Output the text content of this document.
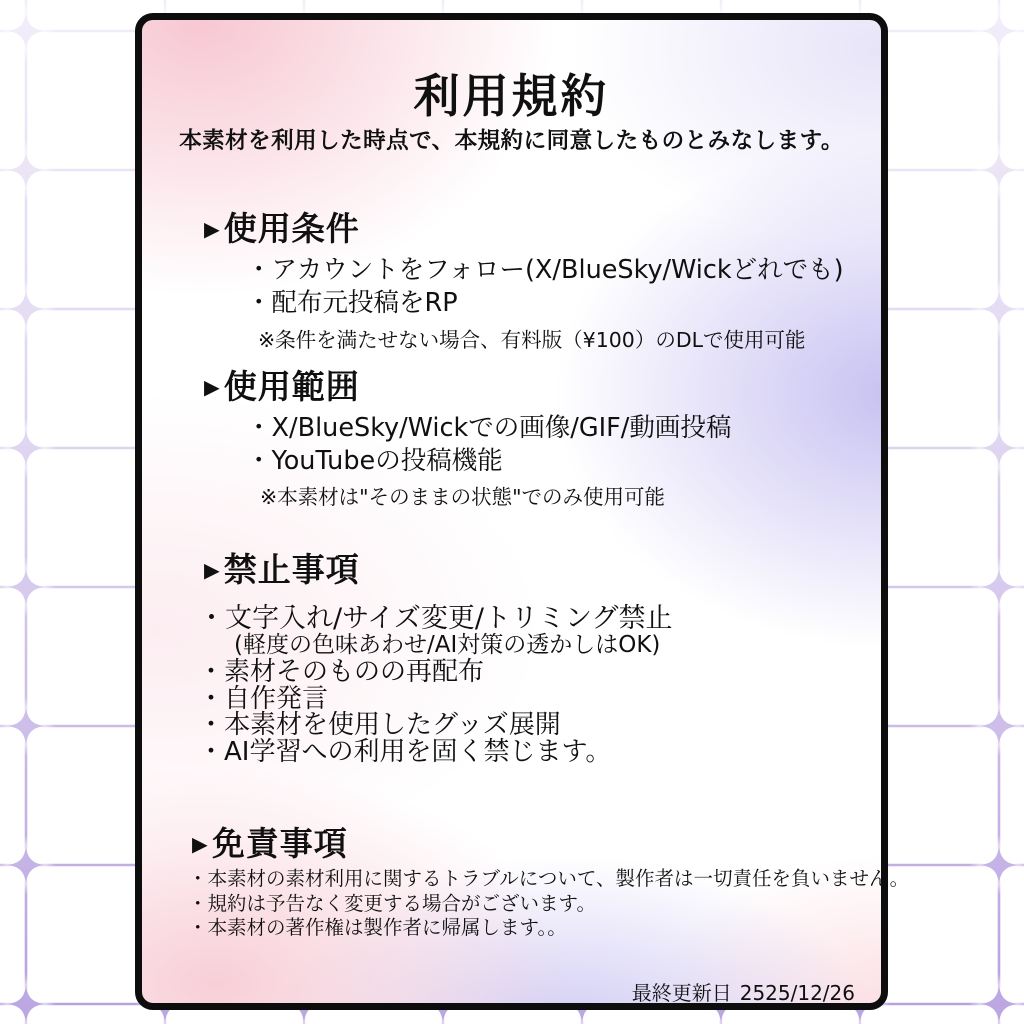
利用規約
本素材を利用した時点で、本規約に同意したものとみなします。
▶使用条件
・アカウントをフォロー(X/BlueSky/Wickどれでも)
・配布元投稿をRP
※条件を満たせない場合、有料版（¥100）のDLで使用可能
▶使用範囲
・X/BlueSky/Wickでの画像/GIF/動画投稿
・YouTubeの投稿機能
※本素材は"そのままの状態"でのみ使用可能
▶禁止事項
・文字入れ/サイズ変更/トリミング禁止
(軽度の色味あわせ/AI対策の透かしはOK)
・素材そのものの再配布
・自作発言
・本素材を使用したグッズ展開
・AI学習への利用を固く禁じます。
▶免責事項
・本素材の素材利用に関するトラブルについて、製作者は一切責任を負いません。
・規約は予告なく変更する場合がございます。
・本素材の著作権は製作者に帰属します。。
最終更新日 2525/12/26
